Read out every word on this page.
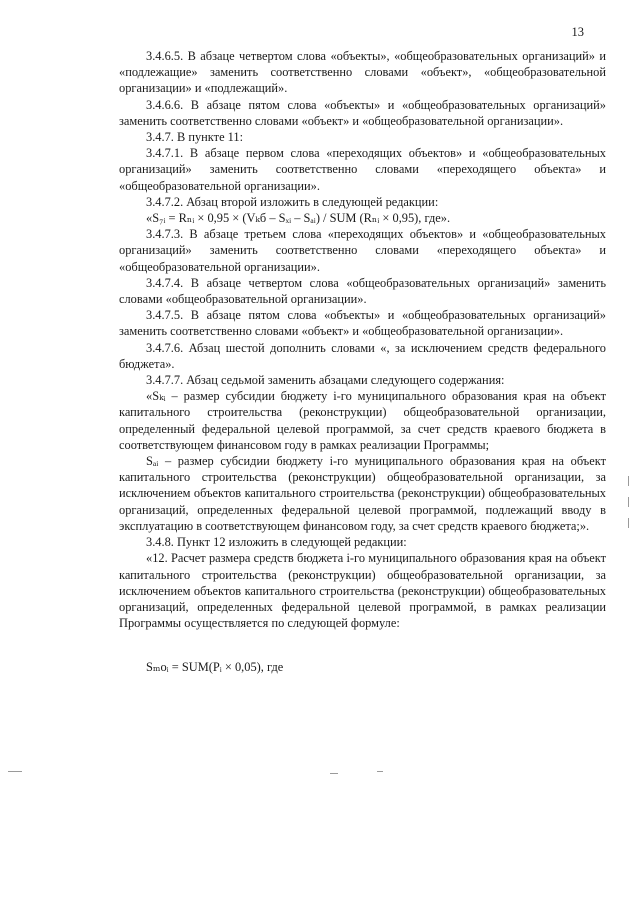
13

3.4.6.5. В абзаце четвертом слова «объекты», «общеобразовательных организаций» и «подлежащие» заменить соответственно словами «объект», «общеобразовательной организации» и «подлежащий».

3.4.6.6. В абзаце пятом слова «объекты» и «общеобразовательных организаций» заменить соответственно словами «объект» и «общеобразовательной организации».

3.4.7. В пункте 11:

3.4.7.1. В абзаце первом слова «переходящих объектов» и «общеобразовательных организаций» заменить соответственно словами «переходящего объекта» и «общеобразовательной организации».

3.4.7.2. Абзац второй изложить в следующей редакции:

«S₇ᵢ = Rₙᵢ × 0,95 × (Vₖб – Sₓᵢ – Sₐᵢ) / SUM (Rₙᵢ × 0,95), где».

3.4.7.3. В абзаце третьем слова «переходящих объектов» и «общеобразовательных организаций» заменить соответственно словами «переходящего объекта» и «общеобразовательной организации».

3.4.7.4. В абзаце четвертом слова «общеобразовательных организаций» заменить словами «общеобразовательной организации».

3.4.7.5. В абзаце пятом слова «объекты» и «общеобразовательных организаций» заменить соответственно словами «объект» и «общеобразовательной организации».

3.4.7.6. Абзац шестой дополнить словами «, за исключением средств федерального бюджета».

3.4.7.7. Абзац седьмой заменить абзацами следующего содержания:

«Sₖᵢ – размер субсидии бюджету i-го муниципального образования края на объект капитального строительства (реконструкции) общеобразовательной организации, определенный федеральной целевой программой, за счет средств краевого бюджета в соответствующем финансовом году в рамках реализации Программы;

Sₐᵢ – размер субсидии бюджету i-го муниципального образования края на объект капитального строительства (реконструкции) общеобразовательной организации, за исключением объектов капитального строительства (реконструкции) общеобразовательных организаций, определенных федеральной целевой программой, подлежащий вводу в эксплуатацию в соответствующем финансовом году, за счет средств краевого бюджета;».

3.4.8. Пункт 12 изложить в следующей редакции:

«12. Расчет размера средств бюджета i-го муниципального образования края на объект капитального строительства (реконструкции) общеобразовательной организации, за исключением объектов капитального строительства (реконструкции) общеобразовательных организаций, определенных федеральной целевой программой, в рамках реализации Программы осуществляется по следующей формуле:

Sₘоᵢ = SUM(Pᵢ × 0,05), где
